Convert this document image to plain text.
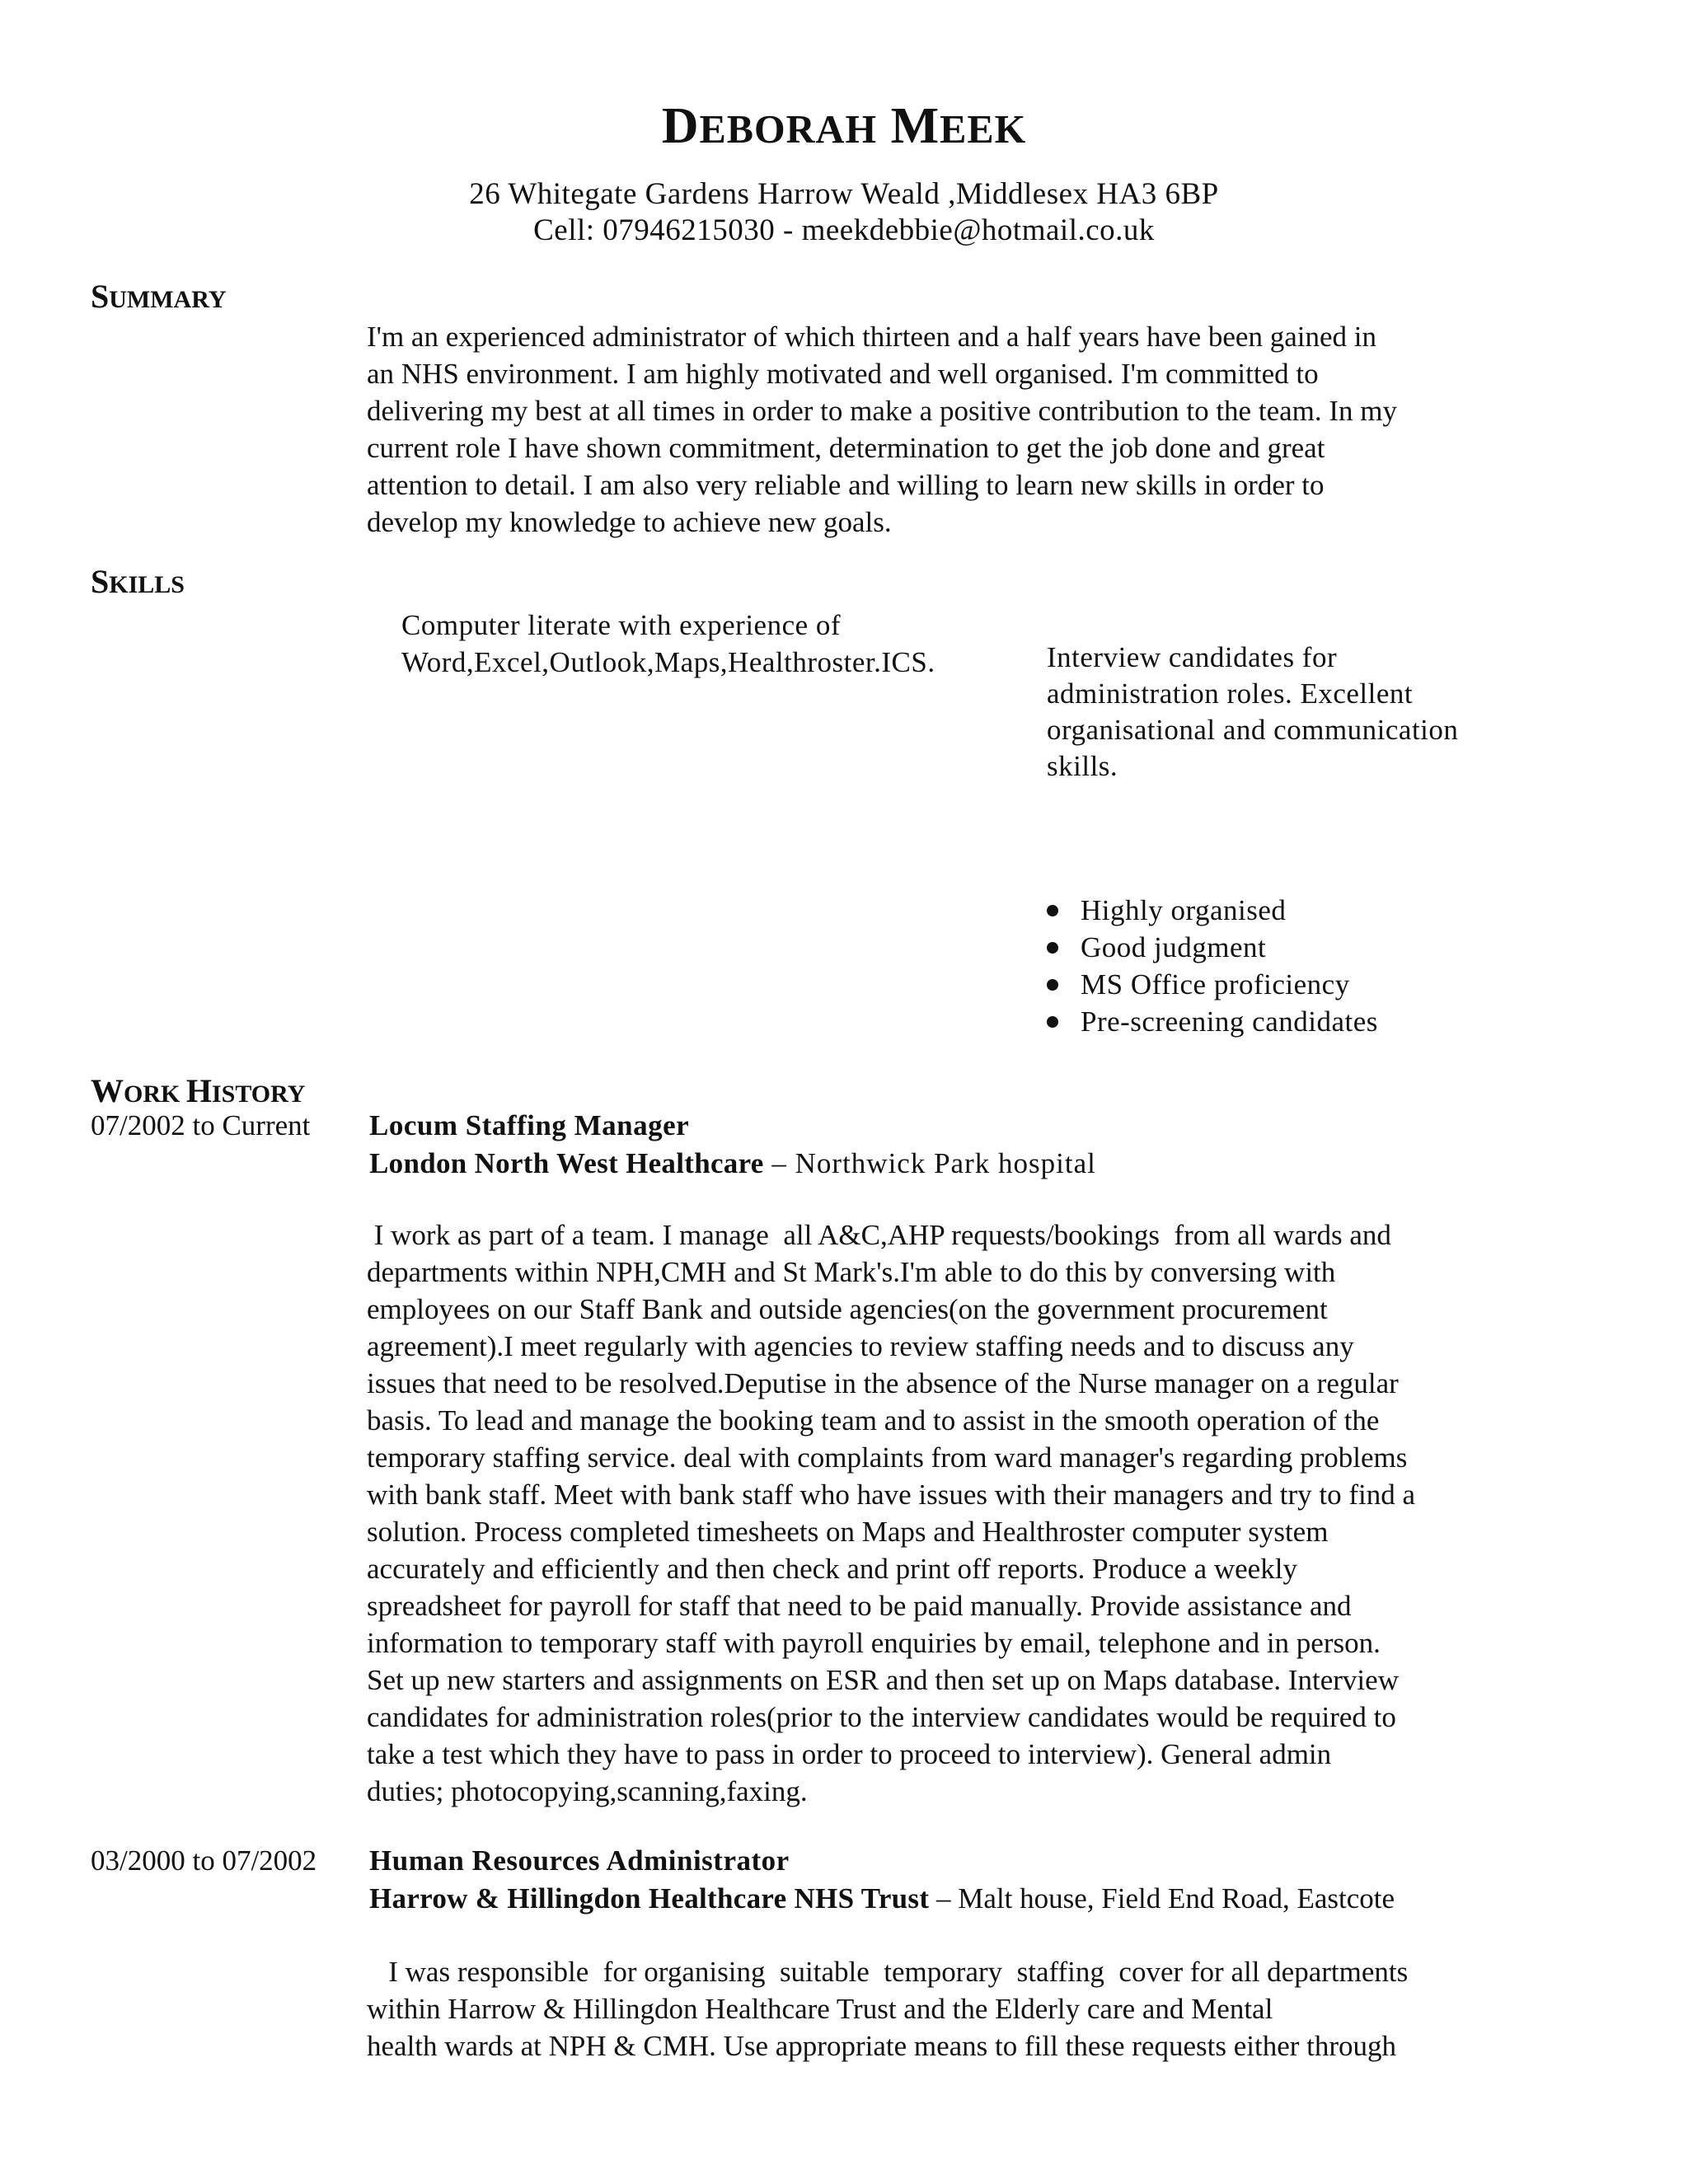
DEBORAH MEEK

26 Whitegate Gardens Harrow Weald ,Middlesex HA3 6BP

Cell: 07946215030 - meekdebbie@hotmail.co.uk

SUMMARY

I'm an experienced administrator of which thirteen and a half years have been gained in
an NHS environment. I am highly motivated and well organised. I'm committed to
delivering my best at all times in order to make a positive contribution to the team. In my
current role I have shown commitment, determination to get the job done and great
attention to detail. I am also very reliable and willing to learn new skills in order to
develop my knowledge to achieve new goals.

SKILLS

Computer literate with experience of
Word,Excel,Outlook,Maps,Healthroster.ICS.	Interview candidates for
administration roles. Excellent
organisational and communication
skills.

Highly organised
Good judgment
MS Office proficiency
Pre-screening candidates
WORK HISTORY

07/2002 to Current Locum Staffing Manager

London North West Healthcare – Northwick Park hospital

I work as part of a team. I manage  all A&C,AHP requests/bookings  from all wards and
departments within NPH,CMH and St Mark's.I'm able to do this by conversing with
employees on our Staff Bank and outside agencies(on the government procurement
agreement).I meet regularly with agencies to review staffing needs and to discuss any
issues that need to be resolved.Deputise in the absence of the Nurse manager on a regular
basis. To lead and manage the booking team and to assist in the smooth operation of the
temporary staffing service. deal with complaints from ward manager's regarding problems
with bank staff. Meet with bank staff who have issues with their managers and try to find a
solution. Process completed timesheets on Maps and Healthroster computer system
accurately and efficiently and then check and print off reports. Produce a weekly
spreadsheet for payroll for staff that need to be paid manually. Provide assistance and
information to temporary staff with payroll enquiries by email, telephone and in person.
Set up new starters and assignments on ESR and then set up on Maps database. Interview
candidates for administration roles(prior to the interview candidates would be required to
take a test which they have to pass in order to proceed to interview). General admin
duties; photocopying,scanning,faxing.

03/2000 to 07/2002 Human Resources Administrator

Harrow & Hillingdon Healthcare NHS Trust – Malt house, Field End Road, Eastcote

I was responsible  for organising  suitable  temporary  staffing  cover for all departments
within Harrow & Hillingdon Healthcare Trust and the Elderly care and Mental
health wards at NPH & CMH. Use appropriate means to fill these requests either through
